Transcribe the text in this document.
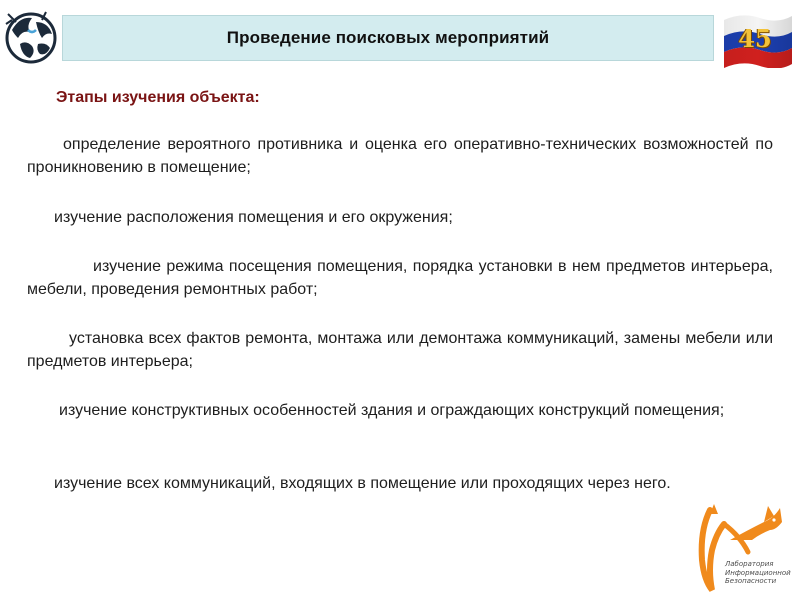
Проведение поисковых мероприятий	45
Этапы изучения объекта:
определение вероятного противника и оценка его оперативно-технических возможностей по проникновению в помещение;
изучение расположения помещения и его окружения;
изучение режима посещения помещения, порядка установки в нем предметов интерьера, мебели, проведения ремонтных работ;
установка всех фактов ремонта, монтажа или демонтажа коммуникаций, замены мебели или предметов интерьера;
изучение конструктивных особенностей здания и ограждающих конструкций помещения;
изучение всех коммуникаций, входящих в помещение или проходящих через него.
Лаборатория
Информационной
Безопасности
